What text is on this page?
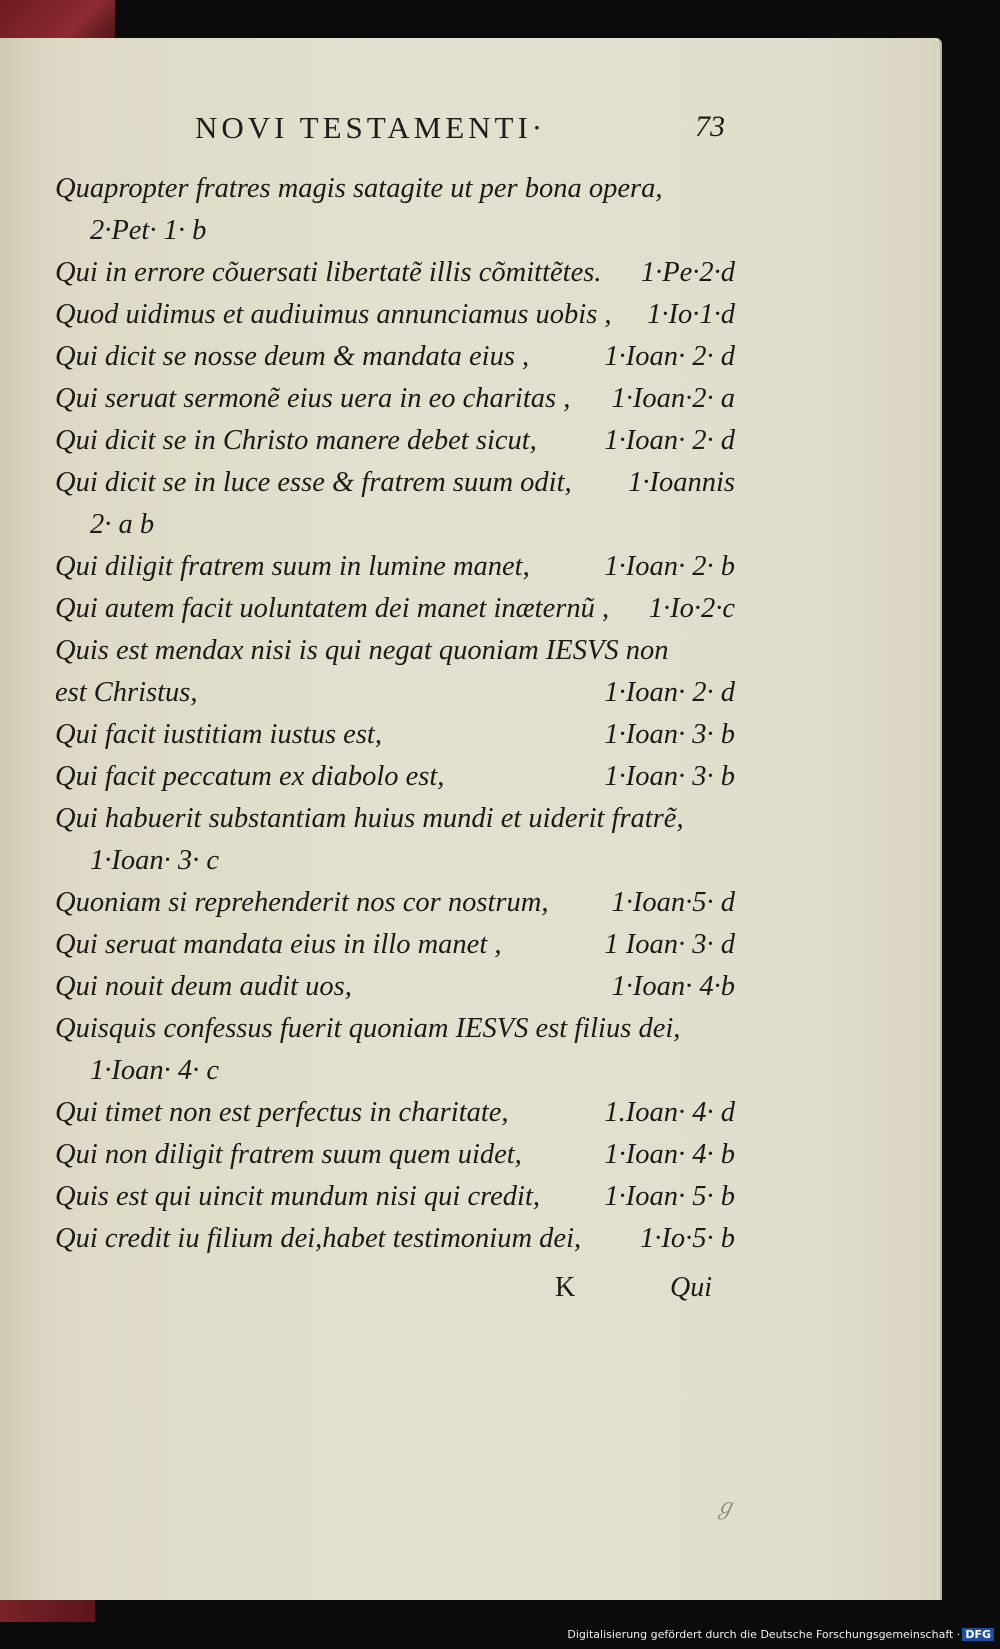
NOVI TESTAMENTI·	73
Quapropter fratres magis satagite ut per bona opera,
2·Pet· 1· b
Qui in errore cõuersati libertatẽ illis cõmittẽtes. 1·Pe·2·d
Quod uidimus et audiuimus annunciamus uobis , 1·Io·1·d
Qui dicit se nosse deum & mandata eius ,	1·Ioan· 2· d
Qui seruat sermonẽ eius uera in eo charitas , 1·Ioan·2· a
Qui dicit se in Christo manere debet sicut, 1·Ioan· 2· d
Qui dicit se in luce esse & fratrem suum odit, 1·Ioannis
2· a b
Qui diligit fratrem suum in lumine manet,	1·Ioan· 2· b
Qui autem facit uoluntatem dei manet inæternũ , 1·Io·2·c
Quis est mendax nisi is qui negat quoniam IESVS non
est Christus,	1·Ioan· 2· d
Qui facit iustitiam iustus est,	1·Ioan· 3· b
Qui facit peccatum ex diabolo est,	1·Ioan· 3· b
Qui habuerit substantiam huius mundi et uiderit fratrẽ,
1·Ioan· 3· c
Quoniam si reprehenderit nos cor nostrum, 1·Ioan·5· d
Qui seruat mandata eius in illo manet ,	1 Ioan· 3· d
Qui nouit deum audit uos,	1·Ioan· 4·b
Quisquis confessus fuerit quoniam IESVS est filius dei,
1·Ioan· 4· c
Qui timet non est perfectus in charitate,	1.Ioan· 4· d
Qui non diligit fratrem suum quem uidet,	1·Ioan· 4· b
Quis est qui uincit mundum nisi qui credit, 1·Ioan· 5· b
Qui credit iu filium dei,habet testimonium dei, 1·Io·5· b
K	Qui
ℊ
Digitalisierung gefördert durch die Deutsche Forschungsgemeinschaft · DFG
